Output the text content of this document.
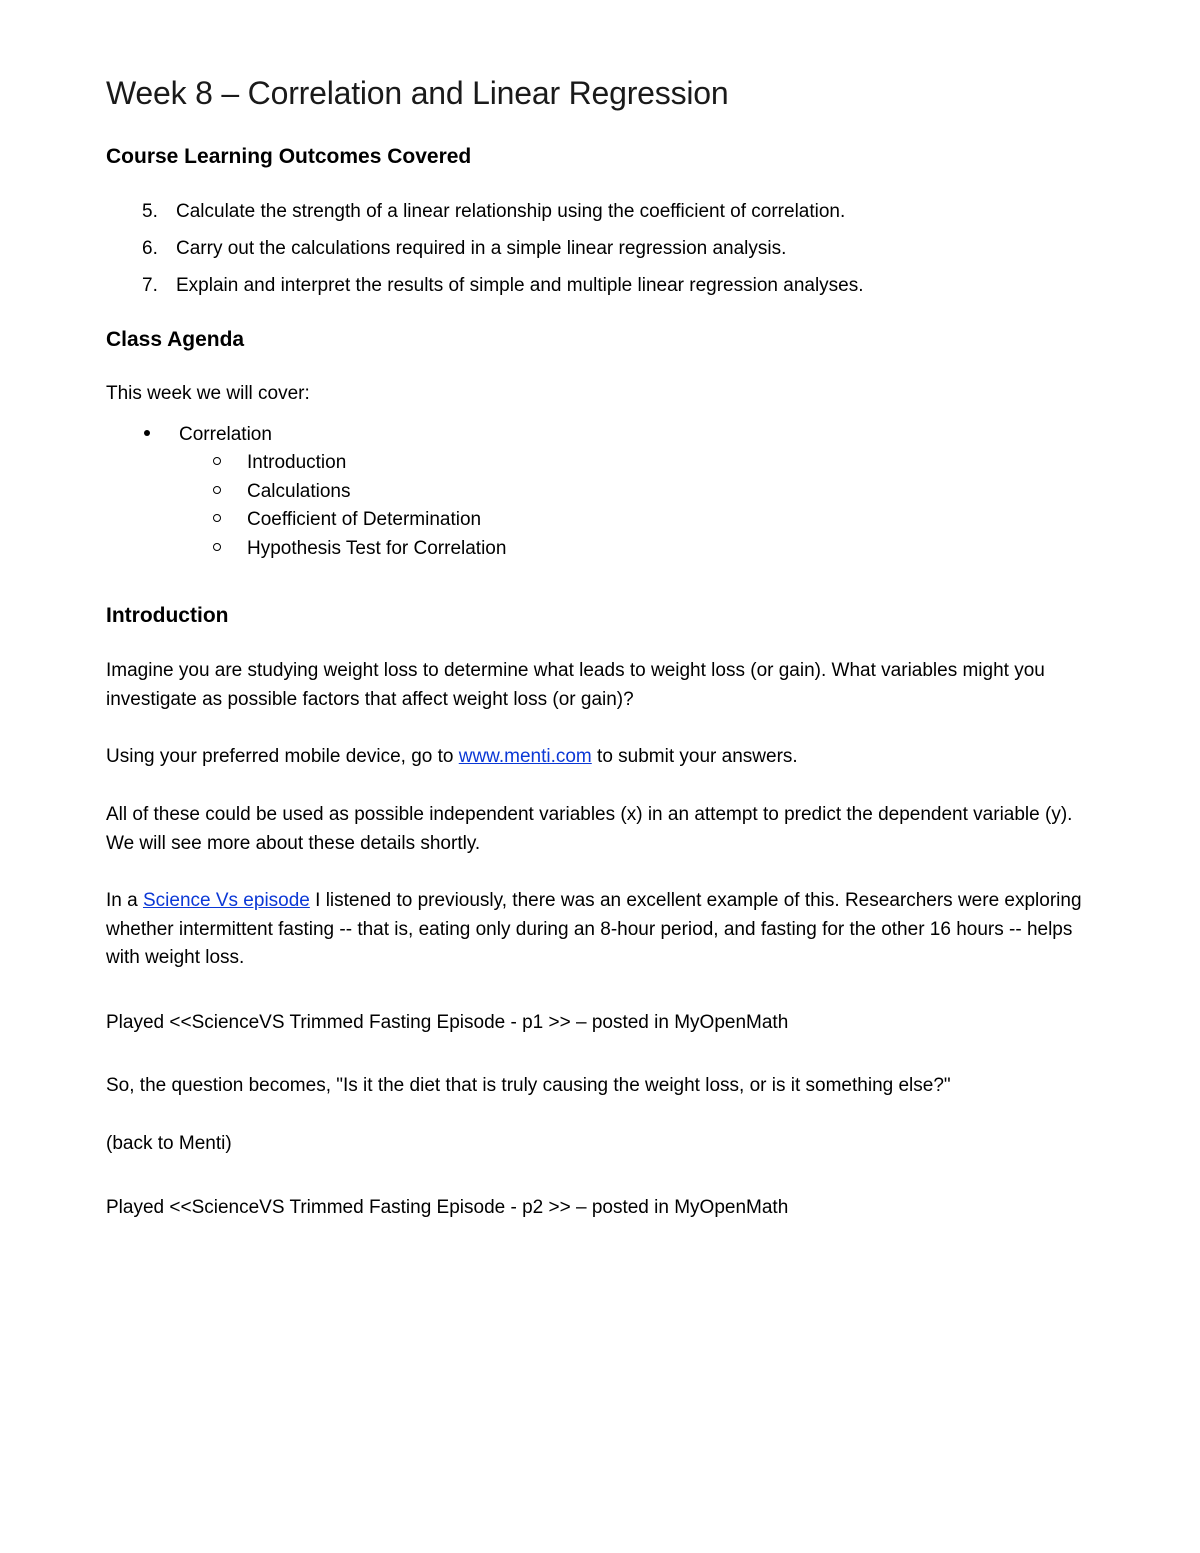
Week 8 – Correlation and Linear Regression
Course Learning Outcomes Covered
5. Calculate the strength of a linear relationship using the coefficient of correlation.
6. Carry out the calculations required in a simple linear regression analysis.
7. Explain and interpret the results of simple and multiple linear regression analyses.
Class Agenda

This week we will cover:

Correlation
Introduction
Calculations
Coefficient of Determination
Hypothesis Test for Correlation
Introduction

Imagine you are studying weight loss to determine what leads to weight loss (or gain). What variables might you investigate as possible factors that affect weight loss (or gain)?

Using your preferred mobile device, go to www.menti.com to submit your answers.

All of these could be used as possible independent variables (x) in an attempt to predict the dependent variable (y). We will see more about these details shortly.

In a Science Vs episode I listened to previously, there was an excellent example of this. Researchers were exploring whether intermittent fasting -- that is, eating only during an 8-hour period, and fasting for the other 16 hours -- helps with weight loss.

Played <<ScienceVS Trimmed Fasting Episode - p1 >> – posted in MyOpenMath

So, the question becomes, "Is it the diet that is truly causing the weight loss, or is it something else?"

(back to Menti)

Played <<ScienceVS Trimmed Fasting Episode - p2 >> – posted in MyOpenMath
